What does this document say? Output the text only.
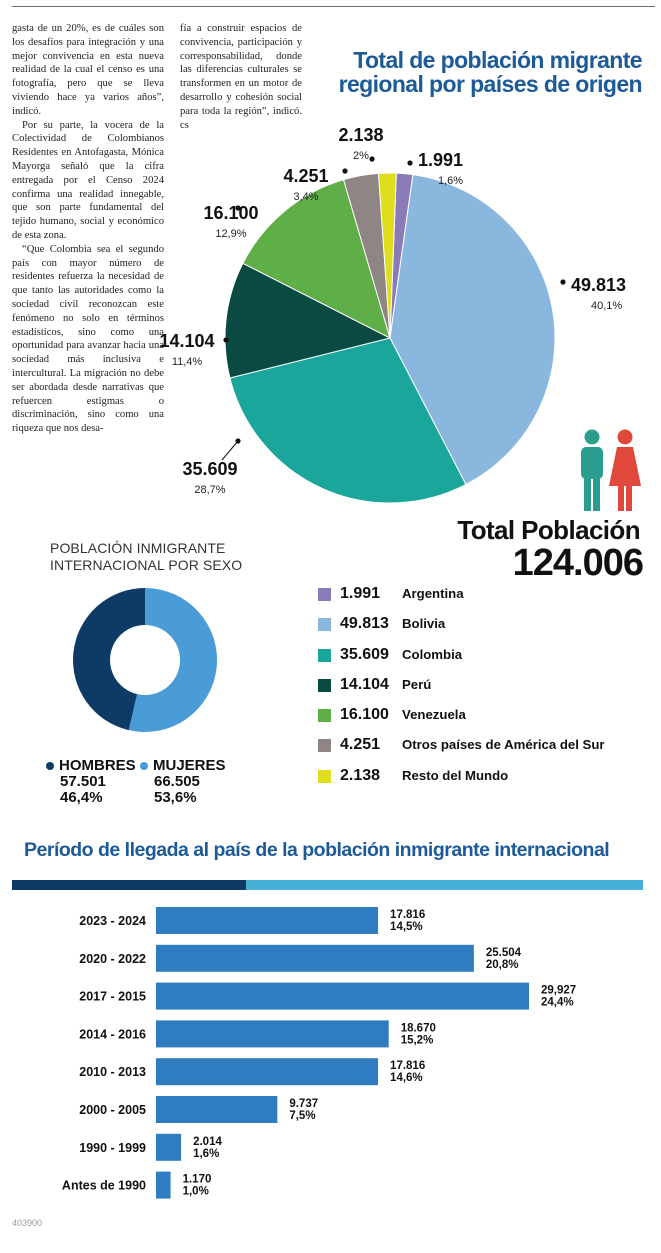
gasta de un 20%, es de cuáles son los desafíos para integración y una mejor convivencia en esta nueva realidad de la cual el censo es una fotografía, pero que se lleva viviendo hace ya varios años”, indicó.

Por su parte, la vocera de la Colectividad de Colombianos Residentes en Antofagasta, Mónica Mayorga señaló que la cifra entregada por el Censo 2024 confirma una realidad innegable, que son parte fundamental del tejido humano, social y económico de esta zona.

“Que Colombia sea el segundo país con mayor número de residentes refuerza la necesidad de que tanto las autoridades como la sociedad civil reconozcan este fenómeno no solo en términos estadísticos, sino como una oportunidad para avanzar hacia una sociedad más inclusiva e intercultural. La migración no debe ser abordada desde narrativas que refuercen estigmas o discriminación, sino como una riqueza que nos desa-

fía a construir espacios de convivencia, participación y corresponsabilidad, donde las diferencias culturales se transformen en un motor de desarrollo y cohesión social para toda la región”, indicó. cs

Total de población migrante regional por países de origen
1.991
1,6%
49.813
40,1%
35.609
28,7%
14.104
11,4%
16.100
12,9%
4.251
3,4%
2.138
2%
Total Población
124.006
POBLACIÓN INMIGRANTE INTERNACIONAL POR SEXO
HOMBRES
57.501
46,4%
MUJERES
66.505
53,6%
1.991 Argentina
49.813 Bolivia
35.609 Colombia
14.104 Perú
16.100 Venezuela
4.251 Otros países de América del Sur
2.138 Resto del Mundo
Período de llegada al país de la población inmigrante internacional
2023 - 2024	17.816
14,5%
2020 - 2022	25.504
20,8%
2017 - 2015	29,927
24,4%
2014 - 2016	18.670
15,2%
2010 - 2013	17.816
14,6%
2000 - 2005	9.737
7,5%
1990 - 1999	2.014
1,6%
Antes de 1990	1.170
1,0%
403900
